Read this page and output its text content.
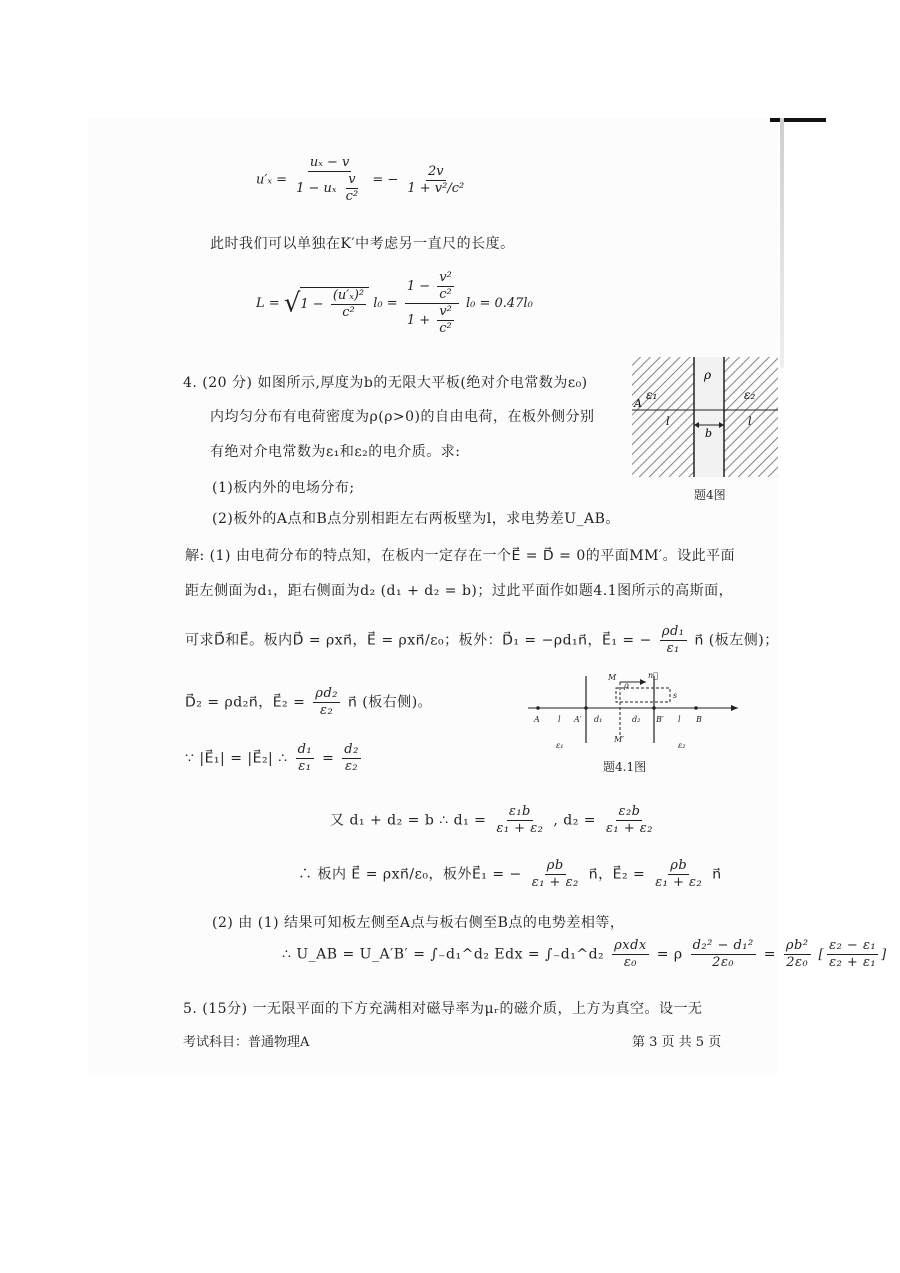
$u'_x = \frac{\text{uₓ − v}}{1 - u_x \frac{v}{\text{c²}}}$ = − $\frac{2v}{\text{1 + v²/c²}}$
此时我们可以单独在K′中考虑另一直尺的长度。
$L = √1 - \frac{\text{(u′ₓ)²}}{\text{c²}} l_0 = \frac{1 - \frac{\text{v²}}{\text{c²}}}{1 + \frac{\text{v²}}{\text{c²}}} l_0 = 0.47l_0$
4. (20 分) 如图所示,厚度为b的无限大平板(绝对介电常数为ε₀)
内均匀分布有电荷密度为ρ(ρ>0)的自由电荷，在板外侧分别
有绝对介电常数为ε₁和ε₂的电介质。求:
(1)板内外的电场分布;
(2)板外的A点和B点分别相距左右两板壁为l，求电势差U_AB。
ρ
ε₁	ε₂
A
l
b
l
题4图
解: (1) 由电荷分布的特点知，在板内一定存在一个E⃗ = D⃗ = 0的平面MM′。设此平面
距左侧面为d₁，距右侧面为d₂ (d₁ + d₂ = b)；过此平面作如题4.1图所示的高斯面，
可求D⃗和E⃗。板内D⃗ = ρxn⃗，E⃗ = ρxn⃗/ε₀；板外：D⃗₁ = −ρd₁n⃗，E⃗₁ = − $\frac{\text{ρd₁}}{\text{ε₁}}$ n⃗ (板左侧)；
D⃗₂ = ρd₂n⃗，E⃗₂ = $\frac{\text{ρd₂}}{\text{ε₂}}$ n⃗ (板右侧)。
∵ |E⃗₁| = |E⃗₂| ∴ $\frac{\text{d₁}}{\text{ε₁}} = \frac{\text{d₂}}{\text{ε₂}}$
M
M′
n⃗
ρ
s
A l A′ d₁	d₂ B′ l B
ε₁	ε₂
题4.1图
又 d₁ + d₂ = b ∴ $d_1 = \frac{\text{ε₁b}}{\text{ε₁ + ε₂}}$ , $d_2 = \frac{\text{ε₂b}}{\text{ε₁ + ε₂}}$
∴ 板内 E⃗ = ρxn⃗/ε₀，板外E⃗₁ = − $\frac{\rho b}{\text{ε₁ + ε₂}}$ n⃗，E⃗₂ = $\frac{\rho b}{\text{ε₁ + ε₂}}$ n⃗
(2) 由 (1) 结果可知板左侧至A点与板右侧至B点的电势差相等，
∴ U_AB = U_A′B′ = ∫₋d₁^d₂ Edx = ∫₋d₁^d₂ $\frac{\text{ρxdx}}{\text{ε₀}} = \rho \frac{\text{d₂² − d₁²}}{\text{2ε₀}} = \frac{\text{ρb²}}{\text{2ε₀}}$ [ $\frac{\text{ε₂ − ε₁}}{\text{ε₂ + ε₁}}$ ]
5. (15分) 一无限平面的下方充满相对磁导率为μᵣ的磁介质，上方为真空。设一无
考试科目：普通物理A	第 3 页 共 5 页
